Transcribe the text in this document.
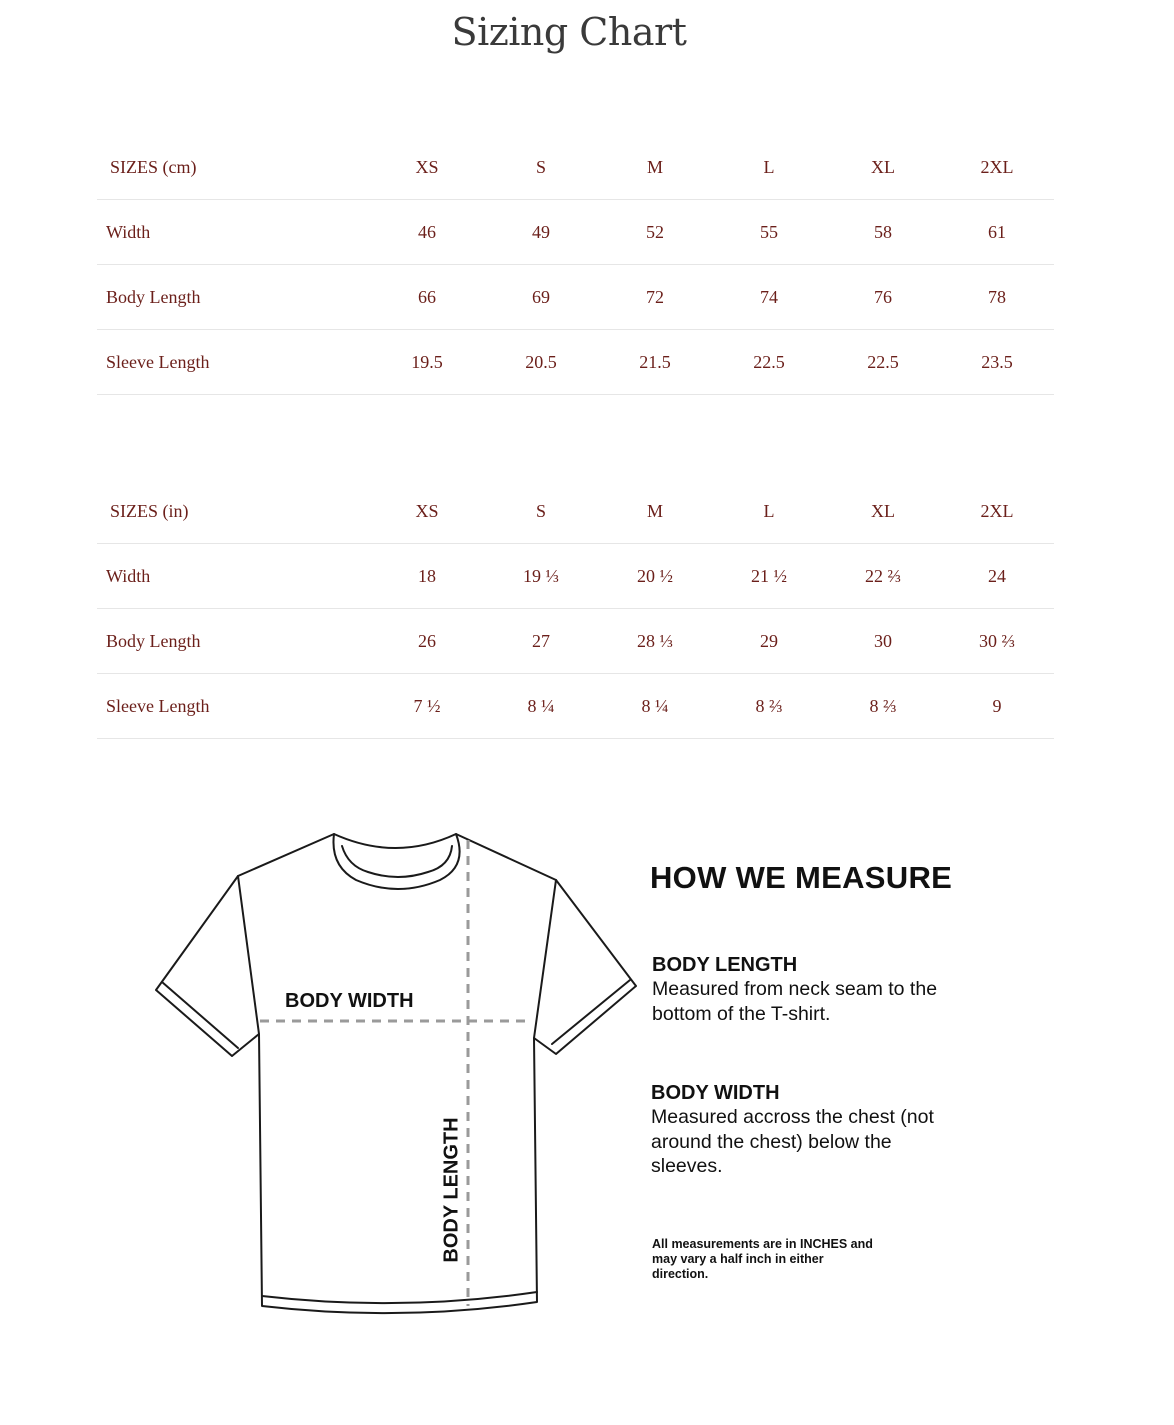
Sizing Chart
SIZES (cm)	XS	S	M	L	XL	2XL	
Width	46	49	52	55	58	61	
Body Length	66	69	72	74	76	78	
Sleeve Length	19.5	20.5	21.5	22.5	22.5	23.5	
SIZES (in)	XS	S	M	L	XL	2XL	
Width	18	19 ⅓	20 ½	21 ½	22 ⅔	24	
Body Length	26	27	28 ⅓	29	30	30 ⅔	
Sleeve Length	7 ½	8 ¼	8 ¼	8 ⅔	8 ⅔	9	
BODY WIDTH
BODY LENGTH
HOW WE MEASURE
BODY LENGTH
Measured from neck seam to the bottom of the T-shirt.
BODY WIDTH
Measured accross the chest (not around the chest) below the sleeves.
All measurements are in INCHES and may vary a half inch in either direction.
